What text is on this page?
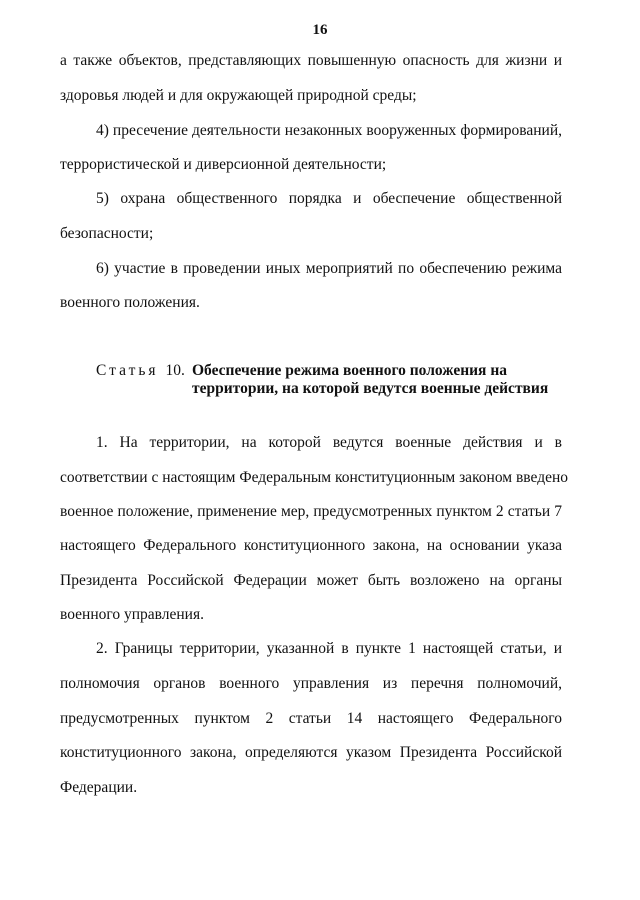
16
а также объектов, представляющих повышенную опасность для жизни и
здоровья людей и для окружающей природной среды;
4) пресечение деятельности незаконных вооруженных формирований,
террористической и диверсионной деятельности;
5) охрана общественного порядка и обеспечение общественной
безопасности;
6) участие в проведении иных мероприятий по обеспечению режима
военного положения.
Статья 10. Обеспечение режима военного положения на
территории, на которой ведутся военные действия
1. На территории, на которой ведутся военные действия и в
соответствии с настоящим Федеральным конституционным законом введено
военное положение, применение мер, предусмотренных пунктом 2 статьи 7
настоящего Федерального конституционного закона, на основании указа
Президента Российской Федерации может быть возложено на органы
военного управления.
2. Границы территории, указанной в пункте 1 настоящей статьи, и
полномочия органов военного управления из перечня полномочий,
предусмотренных пунктом 2 статьи 14 настоящего Федерального
конституционного закона, определяются указом Президента Российской
Федерации.
